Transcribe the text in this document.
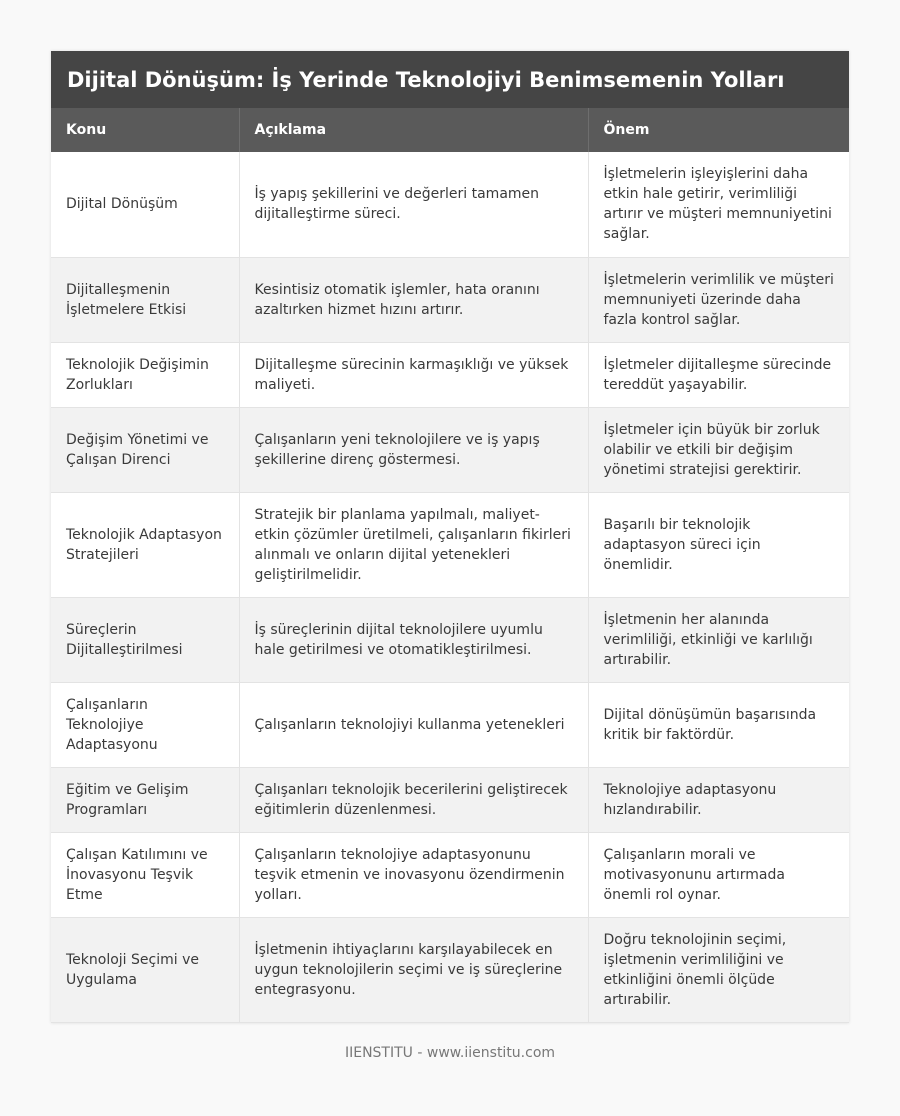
Dijital Dönüşüm: İş Yerinde Teknolojiyi Benimsemenin Yolları
Konu	Açıklama	Önem
Dijital Dönüşüm	İş yapış şekillerini ve değerleri tamamen dijitalleştirme süreci.	İşletmelerin işleyişlerini daha etkin hale getirir, verimliliği artırır ve müşteri memnuniyetini sağlar.
Dijitalleşmenin İşletmelere Etkisi	Kesintisiz otomatik işlemler, hata oranını azaltırken hizmet hızını artırır.	İşletmelerin verimlilik ve müşteri memnuniyeti üzerinde daha fazla kontrol sağlar.
Teknolojik Değişimin Zorlukları	Dijitalleşme sürecinin karmaşıklığı ve yüksek maliyeti.	İşletmeler dijitalleşme sürecinde tereddüt yaşayabilir.
Değişim Yönetimi ve Çalışan Direnci	Çalışanların yeni teknolojilere ve iş yapış şekillerine direnç göstermesi.	İşletmeler için büyük bir zorluk olabilir ve etkili bir değişim yönetimi stratejisi gerektirir.
Teknolojik Adaptasyon Stratejileri	Stratejik bir planlama yapılmalı, maliyet-etkin çözümler üretilmeli, çalışanların fikirleri alınmalı ve onların dijital yetenekleri geliştirilmelidir.	Başarılı bir teknolojik adaptasyon süreci için önemlidir.
Süreçlerin Dijitalleştirilmesi	İş süreçlerinin dijital teknolojilere uyumlu hale getirilmesi ve otomatikleştirilmesi.	İşletmenin her alanında verimliliği, etkinliği ve karlılığı artırabilir.
Çalışanların Teknolojiye Adaptasyonu	Çalışanların teknolojiyi kullanma yetenekleri	Dijital dönüşümün başarısında kritik bir faktördür.
Eğitim ve Gelişim Programları	Çalışanları teknolojik becerilerini geliştirecek eğitimlerin düzenlenmesi.	Teknolojiye adaptasyonu hızlandırabilir.
Çalışan Katılımını ve İnovasyonu Teşvik Etme	Çalışanların teknolojiye adaptasyonunu teşvik etmenin ve inovasyonu özendirmenin yolları.	Çalışanların morali ve motivasyonunu artırmada önemli rol oynar.
Teknoloji Seçimi ve Uygulama	İşletmenin ihtiyaçlarını karşılayabilecek en uygun teknolojilerin seçimi ve iş süreçlerine entegrasyonu.	Doğru teknolojinin seçimi, işletmenin verimliliğini ve etkinliğini önemli ölçüde artırabilir.
IIENSTITU - www.iienstitu.com
